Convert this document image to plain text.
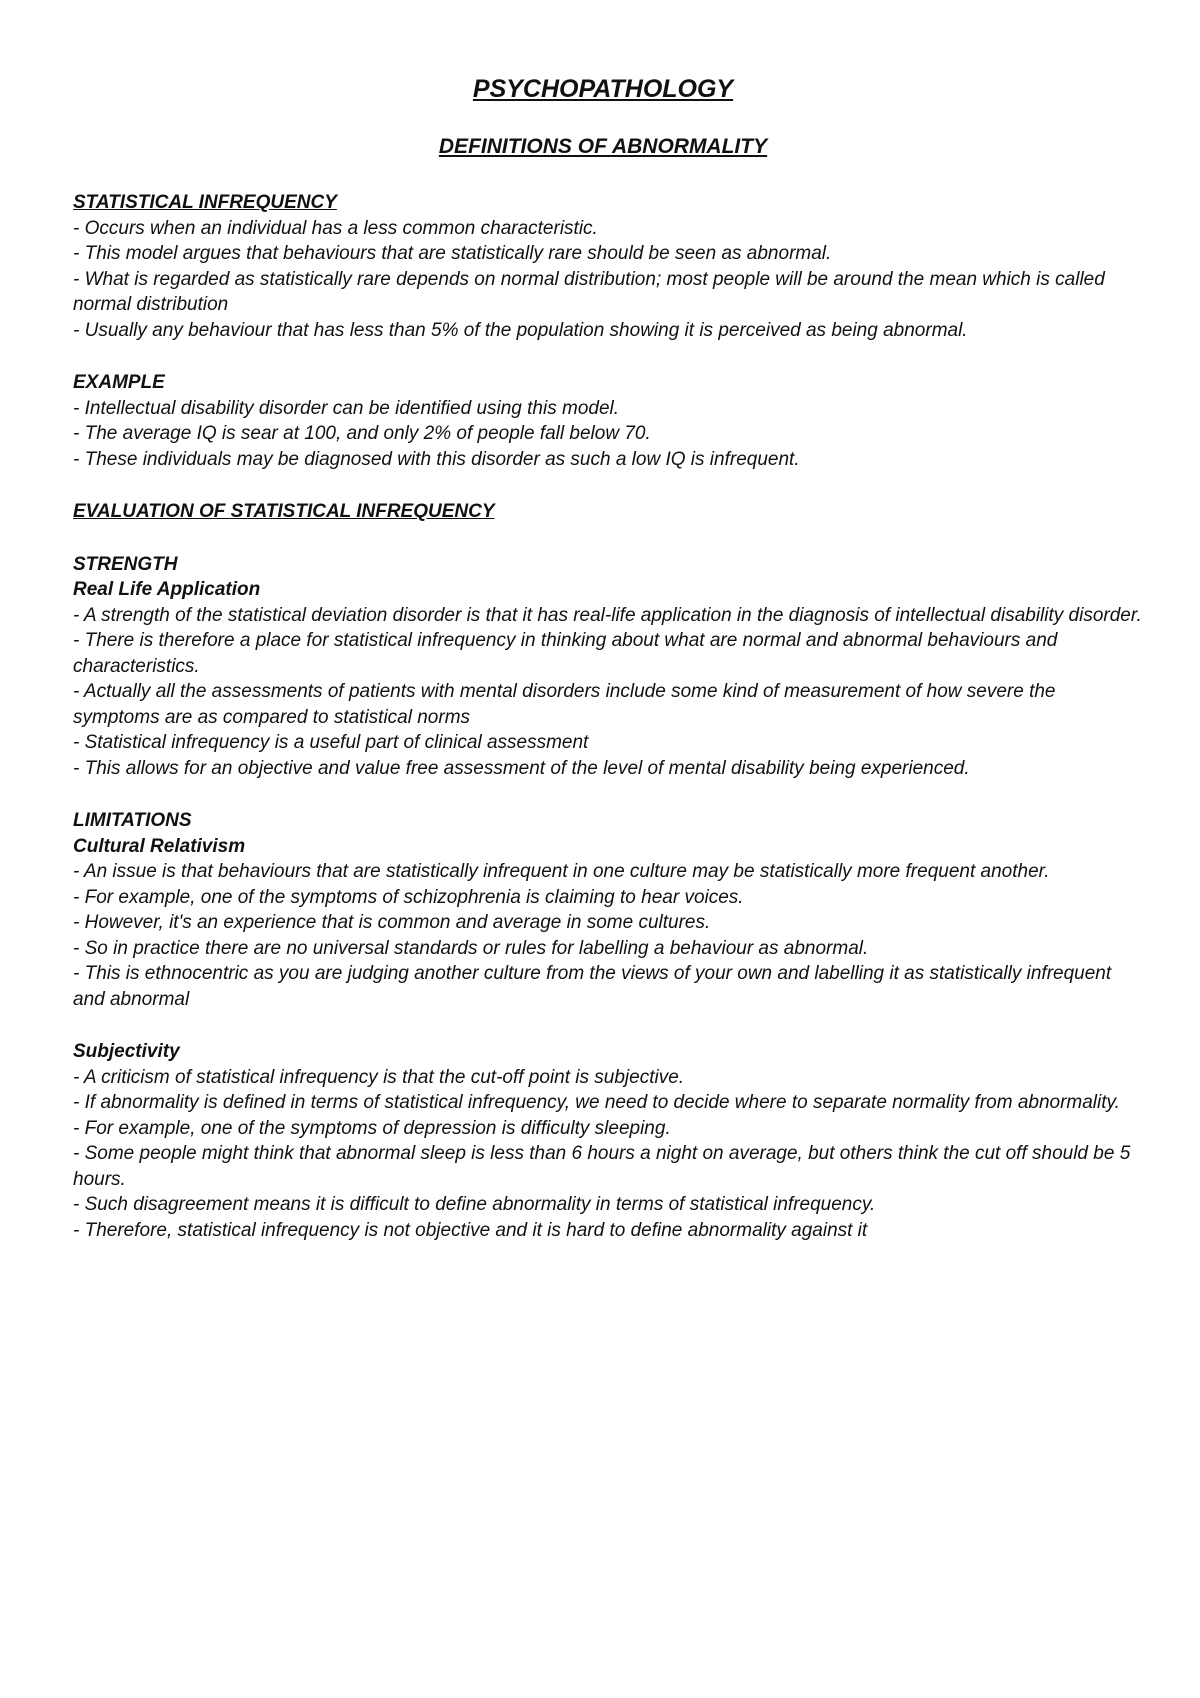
PSYCHOPATHOLOGY
DEFINITIONS OF ABNORMALITY
STATISTICAL INFREQUENCY
- Occurs when an individual has a less common characteristic.
- This model argues that behaviours that are statistically rare should be seen as abnormal.
- What is regarded as statistically rare depends on normal distribution; most people will be around the mean which is called normal distribution
- Usually any behaviour that has less than 5% of the population showing it is perceived as being abnormal.
EXAMPLE
- Intellectual disability disorder can be identified using this model.
- The average IQ is sear at 100, and only 2% of people fall below 70.
- These individuals may be diagnosed with this disorder as such a low IQ is infrequent.
EVALUATION OF STATISTICAL INFREQUENCY
STRENGTH
Real Life Application
- A strength of the statistical deviation disorder is that it has real-life application in the diagnosis of intellectual disability disorder.
- There is therefore a place for statistical infrequency in thinking about what are normal and abnormal behaviours and characteristics.
- Actually all the assessments of patients with mental disorders include some kind of measurement of how severe the symptoms are as compared to statistical norms
- Statistical infrequency is a useful part of clinical assessment
- This allows for an objective and value free assessment of the level of mental disability being experienced.
LIMITATIONS
Cultural Relativism
- An issue is that behaviours that are statistically infrequent in one culture may be statistically more frequent another.
- For example, one of the symptoms of schizophrenia is claiming to hear voices.
- However, it's an experience that is common and average in some cultures.
- So in practice there are no universal standards or rules for labelling a behaviour as abnormal.
- This is ethnocentric as you are judging another culture from the views of your own and labelling it as statistically infrequent and abnormal
Subjectivity
- A criticism of statistical infrequency is that the cut-off point is subjective.
- If abnormality is defined in terms of statistical infrequency, we need to decide where to separate normality from abnormality.
- For example, one of the symptoms of depression is difficulty sleeping.
- Some people might think that abnormal sleep is less than 6 hours a night on average, but others think the cut off should be 5 hours.
- Such disagreement means it is difficult to define abnormality in terms of statistical infrequency.
- Therefore, statistical infrequency is not objective and it is hard to define abnormality against it
